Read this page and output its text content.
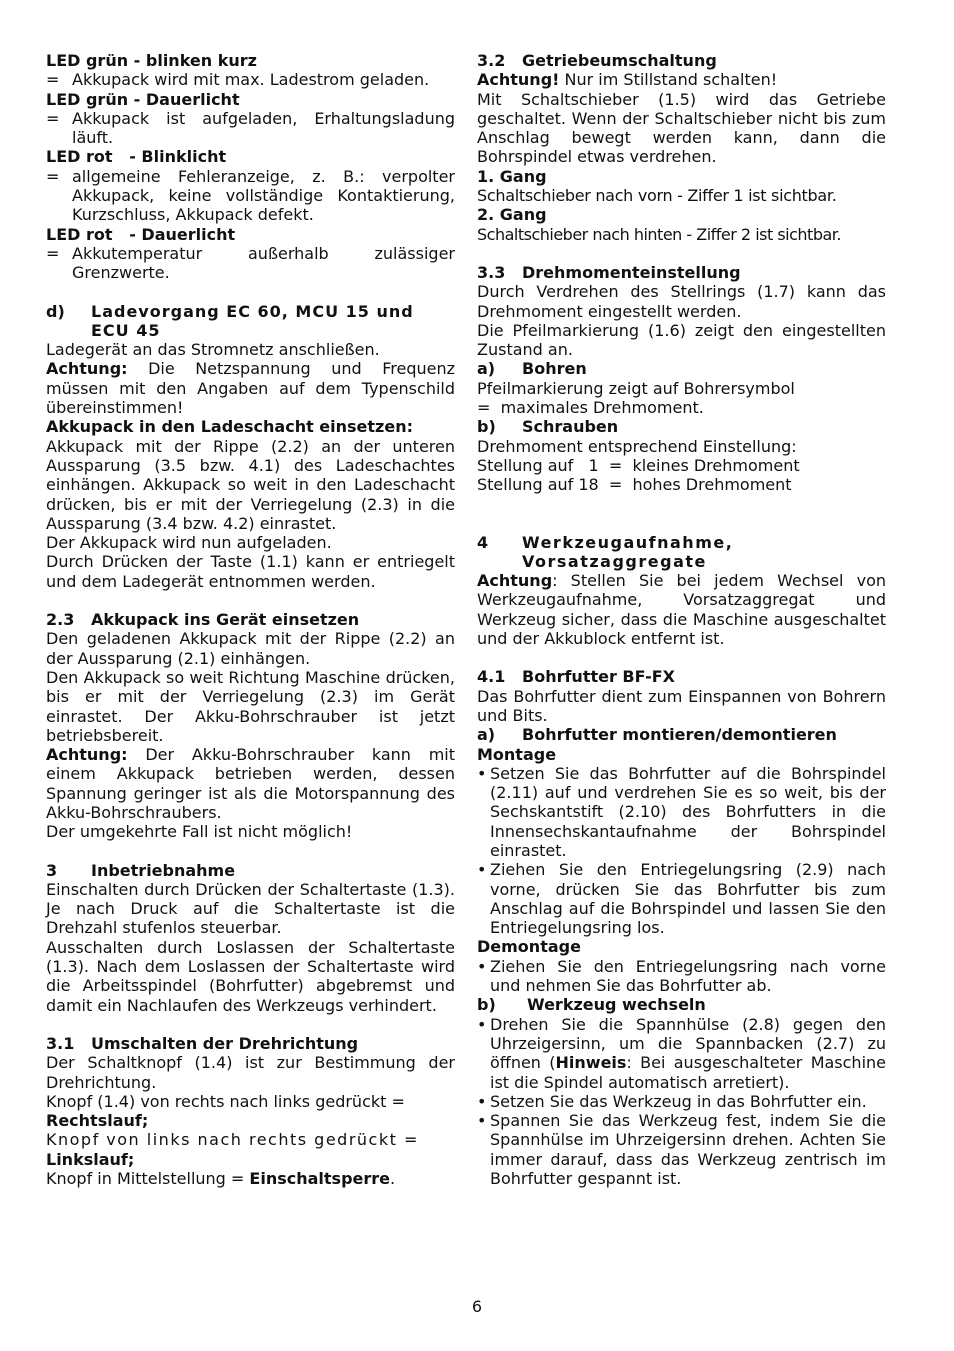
LED grün - blinken kurz
= Akkupack wird mit max. Ladestrom geladen.
LED grün - Dauerlicht
= Akkupack ist aufgeladen, Erhaltungsladung läuft.
LED rot   - Blinklicht
= allgemeine Fehleranzeige, z. B.: verpolter Akkupack, keine vollständige Kontaktierung, Kurzschluss, Akkupack defekt.
LED rot   - Dauerlicht
= Akkutemperatur außerhalb zulässiger Grenzwerte.
d)	Ladevorgang EC 60, MCU 15 und ECU 45
Ladegerät an das Stromnetz anschließen.
Achtung: Die Netzspannung und Frequenz müssen mit den Angaben auf dem Typenschild übereinstimmen!
Akkupack in den Ladeschacht einsetzen:
Akkupack mit der Rippe (2.2) an der unteren Aussparung (3.5 bzw. 4.1) des Ladeschachtes einhängen. Akkupack so weit in den Ladeschacht drücken, bis er mit der Verriegelung (2.3) in die Aussparung (3.4 bzw. 4.2) einrastet.
Der Akkupack wird nun aufgeladen.
Durch Drücken der Taste (1.1) kann er entriegelt und dem Ladegerät entnommen werden.
2.3	Akkupack ins Gerät einsetzen
Den geladenen Akkupack mit der Rippe (2.2) an der Aussparung (2.1) einhängen.
Den Akkupack so weit Richtung Maschine drücken, bis er mit der Verriegelung (2.3) im Gerät einrastet. Der Akku-Bohrschrauber ist jetzt betriebsbereit.
Achtung: Der Akku-Bohrschrauber kann mit einem Akkupack betrieben werden, dessen Spannung geringer ist als die Motorspannung des Akku-Bohrschraubers.
Der umgekehrte Fall ist nicht möglich!
3	Inbetriebnahme
Einschalten durch Drücken der Schaltertaste (1.3). Je nach Druck auf die Schaltertaste ist die Drehzahl stufenlos steuerbar.
Ausschalten durch Loslassen der Schaltertaste (1.3). Nach dem Loslassen der Schaltertaste wird die Arbeitsspindel (Bohrfutter) abgebremst und damit ein Nachlaufen des Werkzeugs verhindert.
3.1	Umschalten der Drehrichtung
Der Schaltknopf (1.4) ist zur Bestimmung der Drehrichtung.
Knopf (1.4) von rechts nach links gedrückt =
Rechtslauf;
Knopf von links nach rechts gedrückt =
Linkslauf;
Knopf in Mittelstellung = Einschaltsperre.
3.2	Getriebeumschaltung
Achtung! Nur im Stillstand schalten!
Mit Schaltschieber (1.5) wird das Getriebe geschaltet. Wenn der Schaltschieber nicht bis zum Anschlag bewegt werden kann, dann die Bohrspindel etwas verdrehen.
1. Gang
Schaltschieber nach vorn - Ziffer 1 ist sichtbar.
2. Gang
Schaltschieber nach hinten - Ziffer 2 ist sichtbar.
3.3	Drehmomenteinstellung
Durch Verdrehen des Stellrings (1.7) kann das Drehmoment eingestellt werden.
Die Pfeilmarkierung (1.6) zeigt den eingestellten Zustand an.
a)	Bohren
Pfeilmarkierung zeigt auf Bohrersymbol
=  maximales Drehmoment.
b)	Schrauben
Drehmoment entsprechend Einstellung:
Stellung auf   1  =  kleines Drehmoment
Stellung auf 18  =  hohes Drehmoment
4	Werkzeugaufnahme, Vorsatzaggregate
Achtung: Stellen Sie bei jedem Wechsel von Werkzeugaufnahme, Vorsatzaggregat und Werkzeug sicher, dass die Maschine ausgeschaltet und der Akkublock entfernt ist.
4.1	Bohrfutter BF-FX
Das Bohrfutter dient zum Einspannen von Bohrern und Bits.
a)	Bohrfutter montieren/demontieren
Montage
• Setzen Sie das Bohrfutter auf die Bohrspindel (2.11) auf und verdrehen Sie es so weit, bis der Sechskantstift (2.10) des Bohrfutters in die Innensechskantaufnahme der Bohrspindel einrastet.
• Ziehen Sie den Entriegelungsring (2.9) nach vorne, drücken Sie das Bohrfutter bis zum Anschlag auf die Bohrspindel und lassen Sie den Entriegelungsring los.
Demontage
• Ziehen Sie den Entriegelungsring nach vorne und nehmen Sie das Bohrfutter ab.
b)	Werkzeug wechseln
• Drehen Sie die Spannhülse (2.8) gegen den Uhrzeigersinn, um die Spannbacken (2.7) zu öffnen (Hinweis: Bei ausgeschalteter Maschine ist die Spindel automatisch arretiert).
• Setzen Sie das Werkzeug in das Bohrfutter ein.
• Spannen Sie das Werkzeug fest, indem Sie die Spannhülse im Uhrzeigersinn drehen. Achten Sie immer darauf, dass das Werkzeug zentrisch im Bohrfutter gespannt ist.
6
